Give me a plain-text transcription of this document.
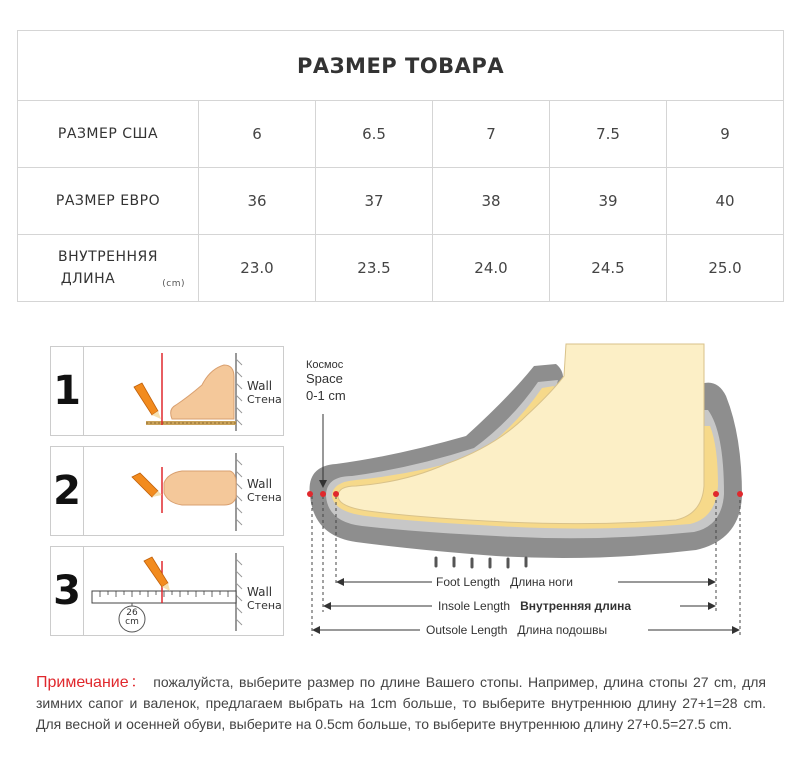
РАЗМЕР ТОВАРА					
РАЗМЕР США	6	6.5	7	7.5	9
РАЗМЕР ЕВРО	36	37	38	39	40

ВНУТРЕННЯЯ
ДЛИНА (cm)	23.0	23.5	24.0	24.5	25.0
1	Wall
Стена
2	Wall
Стена
3	26
cm
Wall
Стена
Космос
Space
0-1 cm
Foot Length Длина ноги
Insole Length Внутренняя длина
Outsole Length Длина подошвы
Примечание： пожалуйста, выберите размер по длине Вашего стопы. Например, длина стопы 27 cm, для зимних сапог и валенок, предлагаем выбрать на 1cm больше, то выберите внутреннюю длину 27+1=28 cm. Для весной и осенней обуви, выберите на 0.5cm больше, то выберите внутреннюю длину 27+0.5=27.5 cm.
